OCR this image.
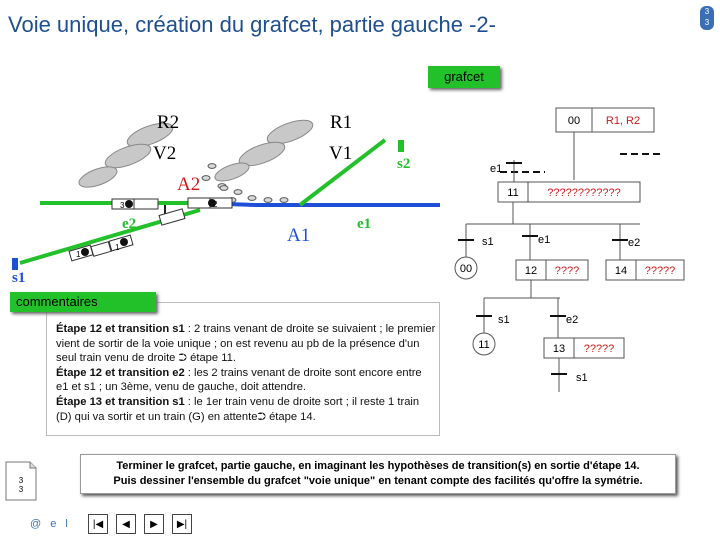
Voie unique, création du grafcet, partie gauche -2-
3
3
grafcet
R2
V2
R1
V1
A2
A1
s2
e1
e2
s1
3	2
1
1
00 R1, R2
e1
11	????????????
s1	e1	e2
00	12 ????	14 ?????
s1	e2
11	13 ?????
s1
commentaires

Étape 12 et transition s1 : 2 trains venant de droite se suivaient ; le premier vient de sortir de la voie unique ; on est revenu au pb de la présence d'un seul train venu de droite ⮊ étape 11.

Étape 12 et transition e2 : les 2 trains venant de droite sont encore entre e1 et s1 ; un 3ème, venu de gauche, doit attendre.

Étape 13 et transition s1 : le 1er train venu de droite sort ; il reste 1 train (D) qui va sortir et un train (G) en attente⮊ étape 14.

Terminer le grafcet, partie gauche, en imaginant les hypothèses de transition(s) en sortie d'étape 14.
Puis dessiner l'ensemble du grafcet "voie unique" en tenant compte des facilités qu'offre la symétrie.
3
3
@ e l	|◀	◀	▶	▶|
